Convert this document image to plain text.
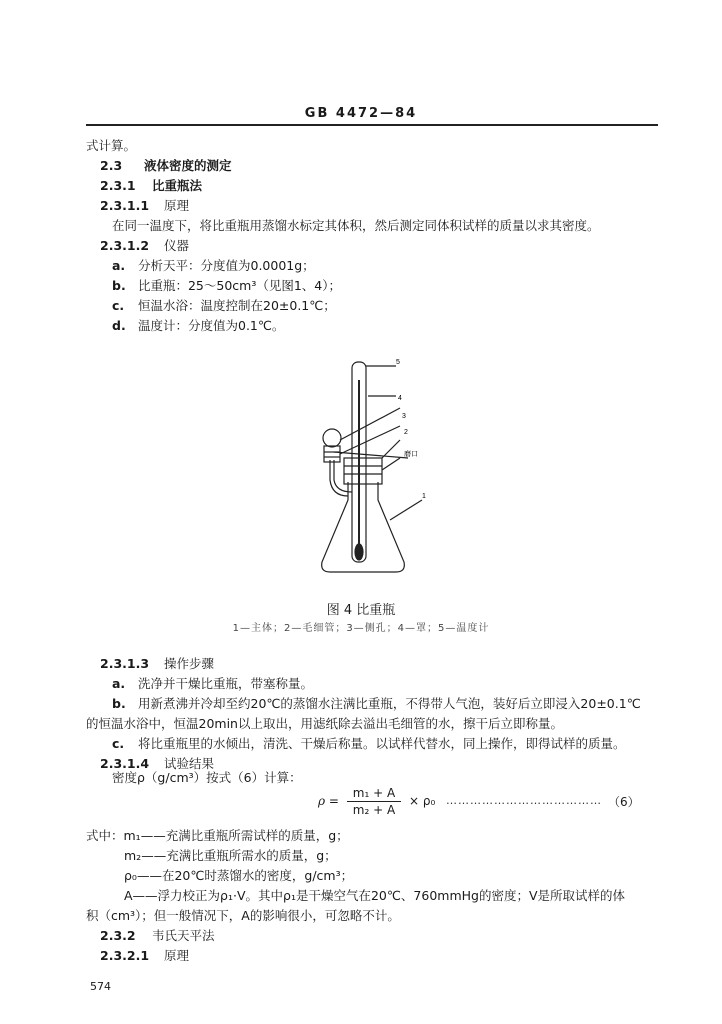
GB 4472—84
式计算。
2.3 液体密度的测定
2.3.1 比重瓶法
2.3.1.1 原理
在同一温度下，将比重瓶用蒸馏水标定其体积，然后测定同体积试样的质量以求其密度。
2.3.1.2 仪器
a. 分析天平：分度值为0.0001g；
b. 比重瓶：25～50cm³（见图1、4）；
c. 恒温水浴：温度控制在20±0.1℃；
d. 温度计：分度值为0.1℃。
5
4
3
2
磨口
1
图 4 比重瓶
1—主体；2—毛细管；3—侧孔；4—罩；5—温度计
2.3.1.3 操作步骤
a. 洗净并干燥比重瓶，带塞称量。
b. 用新煮沸并冷却至约20℃的蒸馏水注满比重瓶，不得带人气泡，装好后立即浸入20±0.1℃
的恒温水浴中，恒温20min以上取出，用滤纸除去溢出毛细管的水，擦干后立即称量。
c. 将比重瓶里的水倾出，清洗、干燥后称量。以试样代替水，同上操作，即得试样的质量。
2.3.1.4 试验结果
密度ρ（g/cm³）按式（6）计算：
$\rho = \frac{\text{m₁ + A}}{\text{m₂ + A}} \times \rho_0$ ………………………………… （6）
式中：m₁——充满比重瓶所需试样的质量，g；
m₂——充满比重瓶所需水的质量，g；
ρ₀——在20℃时蒸馏水的密度，g/cm³；
A——浮力校正为ρ₁·V。其中ρ₁是干燥空气在20℃、760mmHg的密度；V是所取试样的体
积（cm³）；但一般情况下，A的影响很小，可忽略不计。
2.3.2 韦氏天平法
2.3.2.1 原理
574
